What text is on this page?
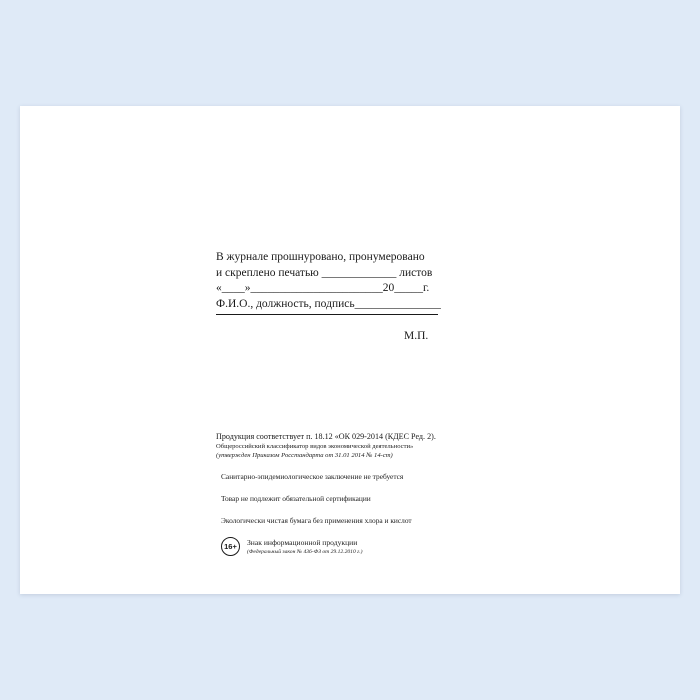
В журнале прошнуровано, пронумеровано
и скреплено печатью _____________ листов
«____»_______________________20_____г.
Ф.И.О., должность, подпись_______________
М.П.

Продукция соответствует п. 18.12 «ОК 029-2014 (КДЕС Ред. 2).

Общероссийский классификатор видов экономической деятельности»

(утвержден Приказом Росстандарта от 31.01 2014 № 14-ст)

Санитарно-эпидемиологическое заключение не требуется

Товар не подлежит обязательной сертификации

Экологически чистая бумага без применения хлора и кислот

16+	Знак информационной продукции
(Федеральный закон № 436-ФЗ от 29.12.2010 г.)
